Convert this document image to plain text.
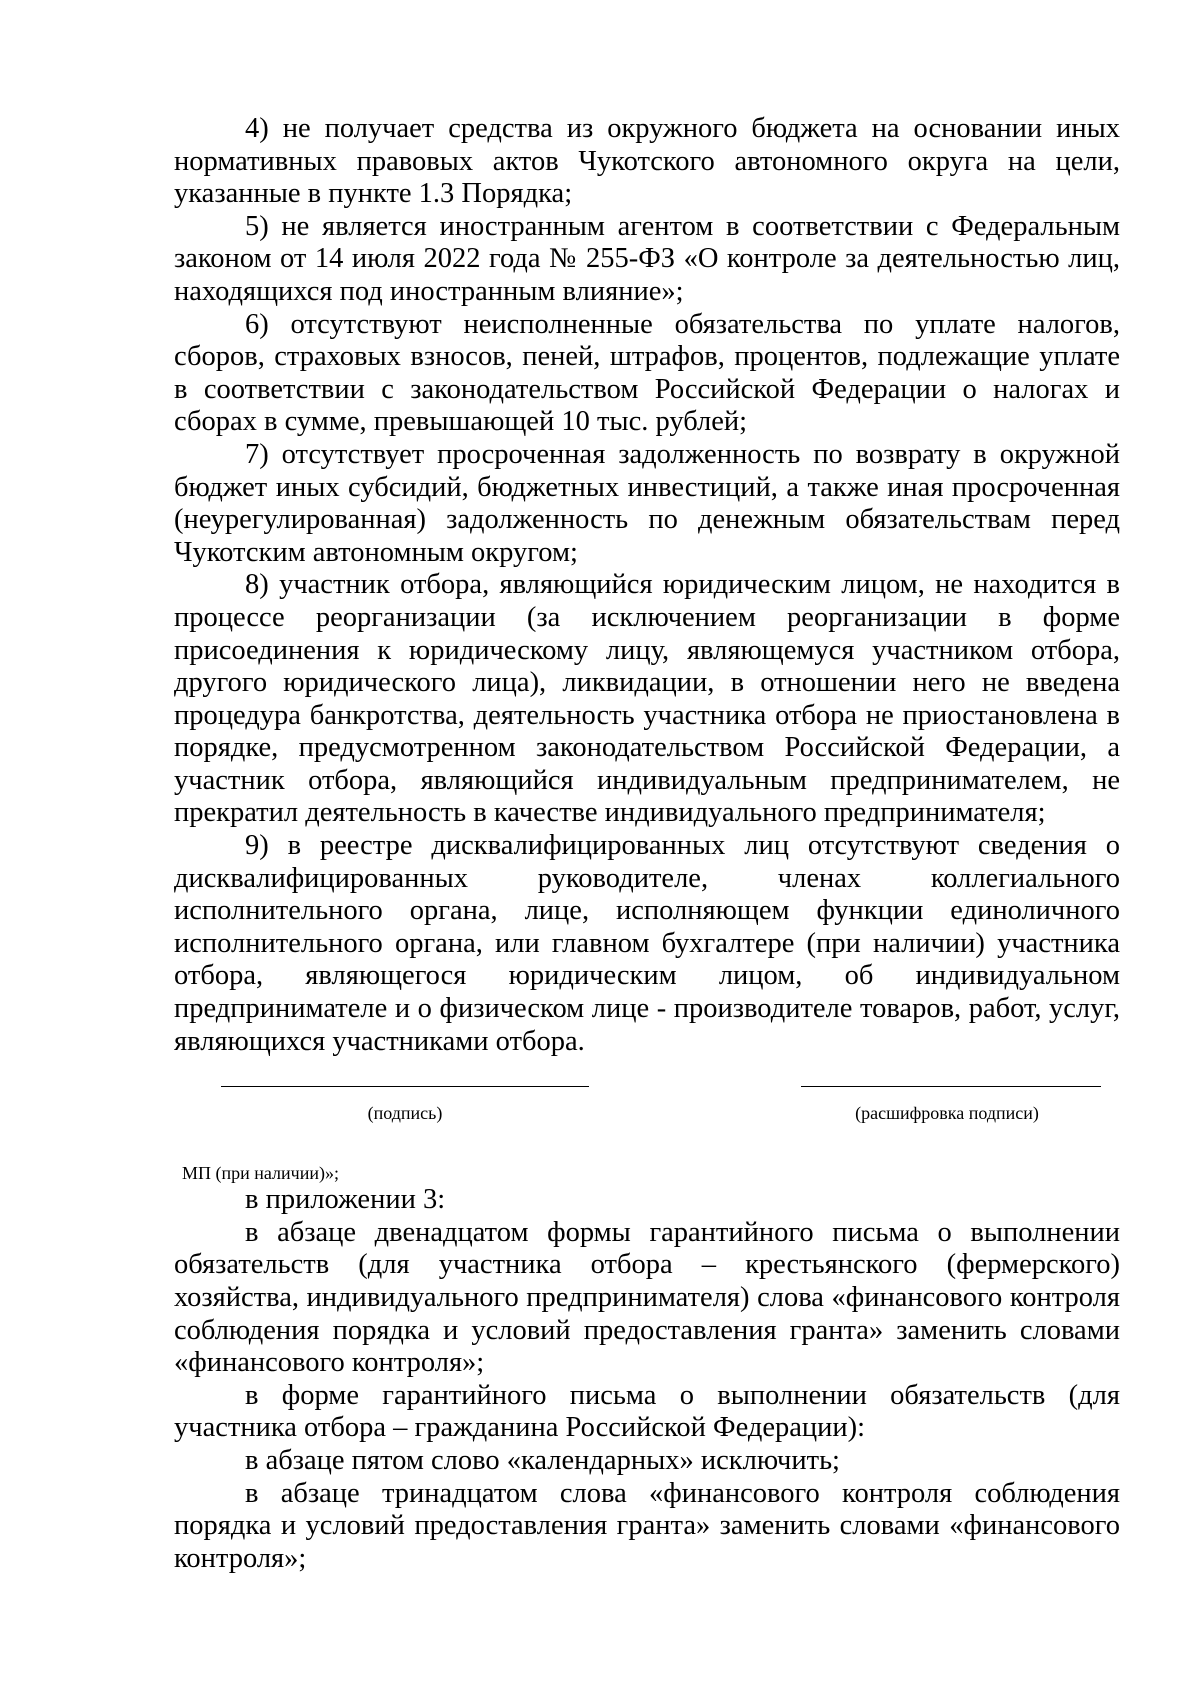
4) не получает средства из окружного бюджета на основании иных нормативных правовых актов Чукотского автономного округа на цели, указанные в пункте 1.3 Порядка;

5) не является иностранным агентом в соответствии с Федеральным законом от 14 июля 2022 года № 255-ФЗ «О контроле за деятельностью лиц, находящихся под иностранным влияние»;

6) отсутствуют неисполненные обязательства по уплате налогов, сборов, страховых взносов, пеней, штрафов, процентов, подлежащие уплате в соответствии с законодательством Российской Федерации о налогах и сборах в сумме, превышающей 10 тыс. рублей;

7) отсутствует просроченная задолженность по возврату в окружной бюджет иных субсидий, бюджетных инвестиций, а также иная просроченная (неурегулированная) задолженность по денежным обязательствам перед Чукотским автономным округом;

8) участник отбора, являющийся юридическим лицом, не находится в процессе реорганизации (за исключением реорганизации в форме присоединения к юридическому лицу, являющемуся участником отбора, другого юридического лица), ликвидации, в отношении него не введена процедура банкротства, деятельность участника отбора не приостановлена в порядке, предусмотренном законодательством Российской Федерации, а участник отбора, являющийся индивидуальным предпринимателем, не прекратил деятельность в качестве индивидуального предпринимателя;

9) в реестре дисквалифицированных лиц отсутствуют сведения о дисквалифицированных руководителе, членах коллегиального исполнительного органа, лице, исполняющем функции единоличного исполнительного органа, или главном бухгалтере (при наличии) участника отбора, являющегося юридическим лицом, об индивидуальном предпринимателе и о физическом лице - производителе товаров, работ, услуг, являющихся участниками отбора.

(подпись)	(расшифровка подписи)
МП (при наличии)»;

в приложении 3:

в абзаце двенадцатом формы гарантийного письма о выполнении обязательств (для участника отбора – крестьянского (фермерского) хозяйства, индивидуального предпринимателя) слова «финансового контроля соблюдения порядка и условий предоставления гранта» заменить словами «финансового контроля»;

в форме гарантийного письма о выполнении обязательств (для участника отбора – гражданина Российской Федерации):

в абзаце пятом слово «календарных» исключить;

в абзаце тринадцатом слова «финансового контроля соблюдения порядка и условий предоставления гранта» заменить словами «финансового контроля»;
